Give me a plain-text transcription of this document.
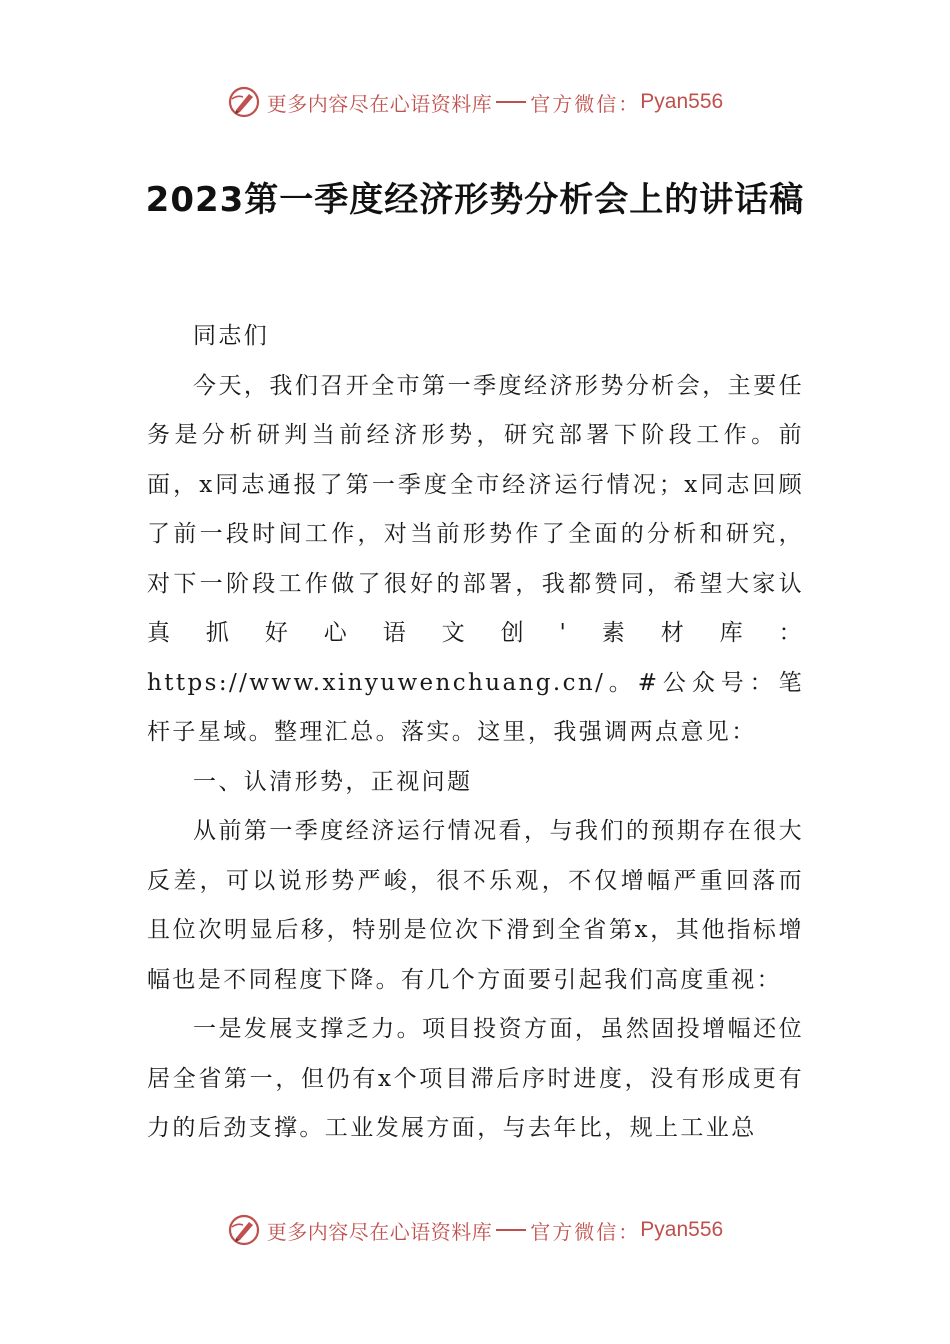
更多内容尽在心语资料库 官方微信： Pyan556
2023第一季度经济形势分析会上的讲话稿

同志们

今天，我们召开全市第一季度经济形势分析会，主要任务是分析研判当前经济形势，研究部署下阶段工作。前面，x同志通报了第一季度全市经济运行情况；x同志回顾了前一段时间工作，对当前形势作了全面的分析和研究，对下一阶段工作做了很好的部署，我都赞同，希望大家认真抓好心语文创'素材库：https://www.xinyuwenchuang.cn/。#公众号：笔杆子星域。整理汇总。落实。这里，我强调两点意见：

一、认清形势，正视问题

从前第一季度经济运行情况看，与我们的预期存在很大反差，可以说形势严峻，很不乐观，不仅增幅严重回落而且位次明显后移，特别是位次下滑到全省第x，其他指标增幅也是不同程度下降。有几个方面要引起我们高度重视：

一是发展支撑乏力。项目投资方面，虽然固投增幅还位居全省第一，但仍有x个项目滞后序时进度，没有形成更有力的后劲支撑。工业发展方面，与去年比，规上工业总

更多内容尽在心语资料库 官方微信： Pyan556
